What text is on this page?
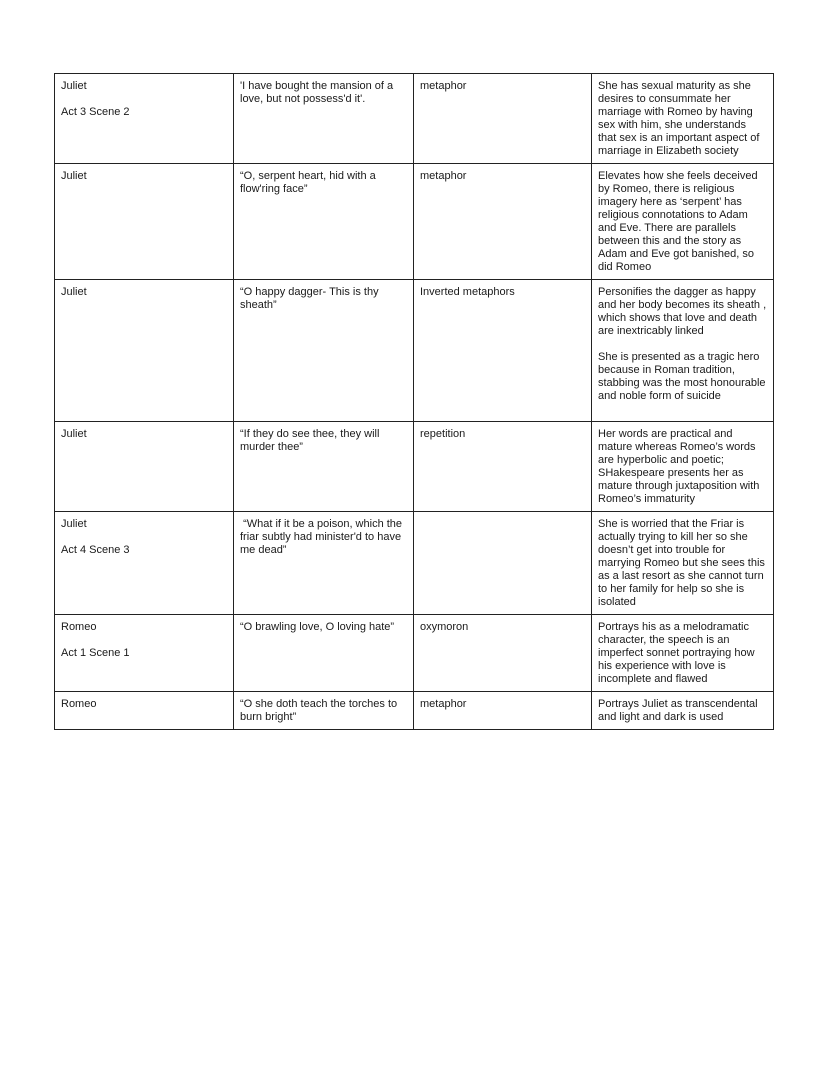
Juliet
Act 3 Scene 2	'I have bought the mansion of a love, but not possess'd it'.	metaphor	She has sexual maturity as she desires to consummate her marriage with Romeo by having sex with him, she understands that sex is an important aspect of marriage in Elizabeth society

Juliet	“O, serpent heart, hid with a flow'ring face”	metaphor	Elevates how she feels deceived by Romeo, there is religious imagery here as ‘serpent’ has religious connotations to Adam and Eve. There are parallels between this and the story as Adam and Eve got banished, so did Romeo

Juliet	“O happy dagger- This is thy sheath”	Inverted metaphors	Personifies the dagger as happy and her body becomes its sheath , which shows that love and death are inextricably linked
She is presented as a tragic hero because in Roman tradition, stabbing was the most honourable and noble form of suicide

Juliet	“If they do see thee, they will murder thee”	repetition	Her words are practical and mature whereas Romeo’s words are hyperbolic and poetic; SHakespeare presents her as mature through juxtaposition with Romeo’s immaturity

Juliet
Act 4 Scene 3	“What if it be a poison, which the friar subtly had minister'd to have me dead”		She is worried that the Friar is actually trying to kill her so she doesn’t get into trouble for marrying Romeo but she sees this as a last resort as she cannot turn to her family for help so she is isolated

Romeo
Act 1 Scene 1	“O brawling love, O loving hate”	oxymoron	Portrays his as a melodramatic character, the speech is an imperfect sonnet portraying how his experience with love is incomplete and flawed

Romeo	“O she doth teach the torches to burn bright”	metaphor	Portrays Juliet as transcendental and light and dark is used
